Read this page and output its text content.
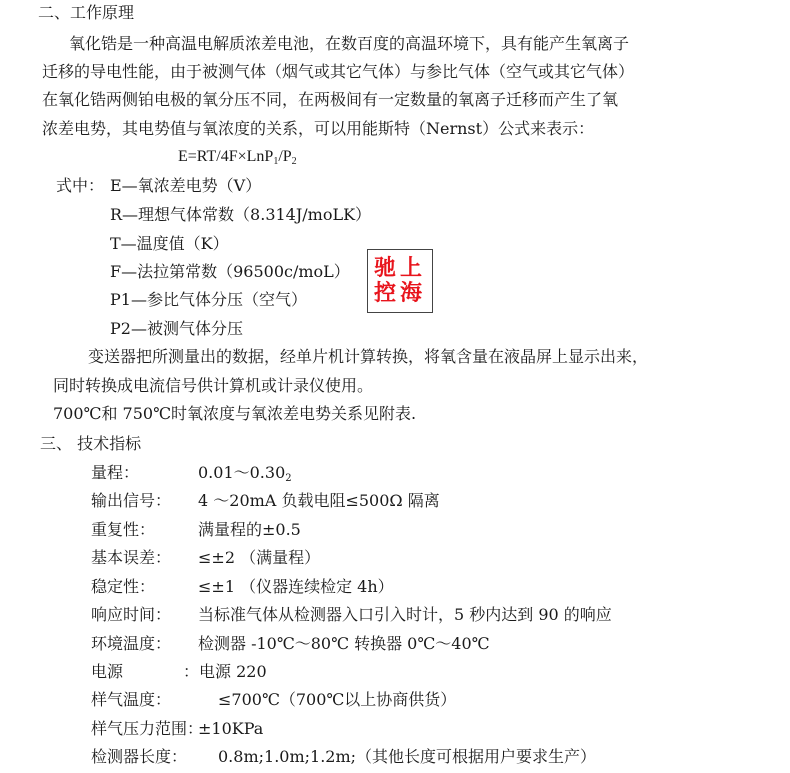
二、工作原理
氧化锆是一种高温电解质浓差电池，在数百度的高温环境下，具有能产生氧离子
迁移的导电性能，由于被测气体（烟气或其它气体）与参比气体（空气或其它气体）
在氧化锆两侧铂电极的氧分压不同，在两极间有一定数量的氧离子迁移而产生了氧
浓差电势，其电势值与氧浓度的关系，可以用能斯特（Nernst）公式来表示：
$E=RT/4F\times LnP_1/P_2$
式中： E—氧浓差电势（V）
R—理想气体常数（8.314J/moLK）
T—温度值（K）
F—法拉第常数（96500c/moL）
P1—参比气体分压（空气）
P2—被测气体分压
驰上
控海
变送器把所测量出的数据，经单片机计算转换，将氧含量在液晶屏上显示出来，
同时转换成电流信号供计算机或计录仪使用。
700℃和 750℃时氧浓度与氧浓差电势关系见附表.
三、 技术指标
量程：	$0.01\sim 0.30_2$
输出信号： 4 ～20mA 负载电阻≤500Ω 隔离
重复性：	满量程的±0.5
基本误差： ≤±2 （满量程）
稳定性：	≤±1 （仪器连续检定 4h）
响应时间： 当标准气体从检测器入口引入时计，5 秒内达到 90 的响应
环境温度： 检测器 -10℃～80℃ 转换器 0℃～40℃
电源	：电源 220
样气温度：	≤700℃（700℃以上协商供货）
样气压力范围：
±10KPa
检测器长度： 0.8m;1.0m;1.2m;（其他长度可根据用户要求生产）
